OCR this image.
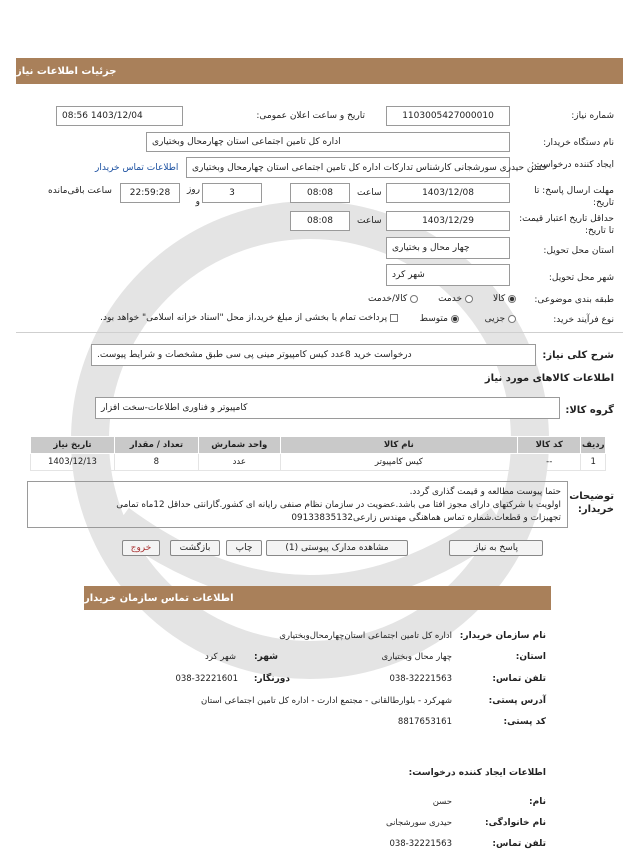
جزئیات اطلاعات نیاز
شماره نیاز:
1103005427000010
تاریخ و ساعت اعلان عمومی:
1403/12/04 08:56
نام دستگاه خریدار:
اداره کل تامین اجتماعی استان چهارمحال وبختیاری
ایجاد کننده درخواست:
حسن حیدری سورشجانی کارشناس تدارکات اداره کل تامین اجتماعی استان چهارمحال وبختیاری
اطلاعات تماس خریدار
مهلت ارسال پاسخ: تا تاریخ:
1403/12/08
ساعت
08:08
3
روز و
22:59:28
ساعت باقی‌مانده
حداقل تاریخ اعتبار قیمت: تا تاریخ:
1403/12/29
ساعت
08:08
استان محل تحویل:
چهار محال و بختیاری
شهر محل تحویل:
شهر کرد
طبقه بندی موضوعی:
کالا        خدمت        کالا/خدمت
نوع فرآیند خرید:
جزیی          متوسط
پرداخت تمام یا بخشی از مبلغ خرید،از محل "اسناد خزانه اسلامی" خواهد بود.
شرح کلی نیاز:
درخواست خرید 8عدد کیس کامپیوتر مینی پی سی طبق مشخصات و شرایط پیوست.
اطلاعات کالاهای مورد نیاز
گروه کالا:
کامپیوتر و فناوری اطلاعات-سخت افزار
ردیف	کد کالا	نام کالا	واحد شمارش	تعداد / مقدار	تاریخ نیاز
1	--	کیس کامپیوتر	عدد	8	1403/12/13
توضیحات خریدار:
حتما پیوست مطالعه و قیمت گذاری گردد.
اولویت با شرکتهای دارای مجوز افتا می باشد.عضویت در سازمان نظام صنفی رایانه ای کشور.گارانتی حداقل 12ماه تمامی
تجهیزات و قطعات.شماره تماس هماهنگی مهندس زارعی09133835132
پاسخ به نیاز
مشاهده مدارک پیوستی (1)
چاپ
بازگشت
خروج
اطلاعات تماس سازمان خریدار
نام سازمان خریدار:
اداره کل تامین اجتماعی استان‌چهارمحال‌وبختیاری
استان:
چهار محال وبختیاری
شهر:
شهر کرد
تلفن تماس:
038-32221563
دورنگار:
038-32221601
آدرس پستی:
شهرکرد - بلوارطالقانی - مجتمع ادارت - اداره کل تامین اجتماعی استان
کد پستی:
8817653161
اطلاعات ایجاد کننده درخواست:
نام:
حسن
نام خانوادگی:
حیدری سورشجانی
تلفن تماس:
038-32221563
